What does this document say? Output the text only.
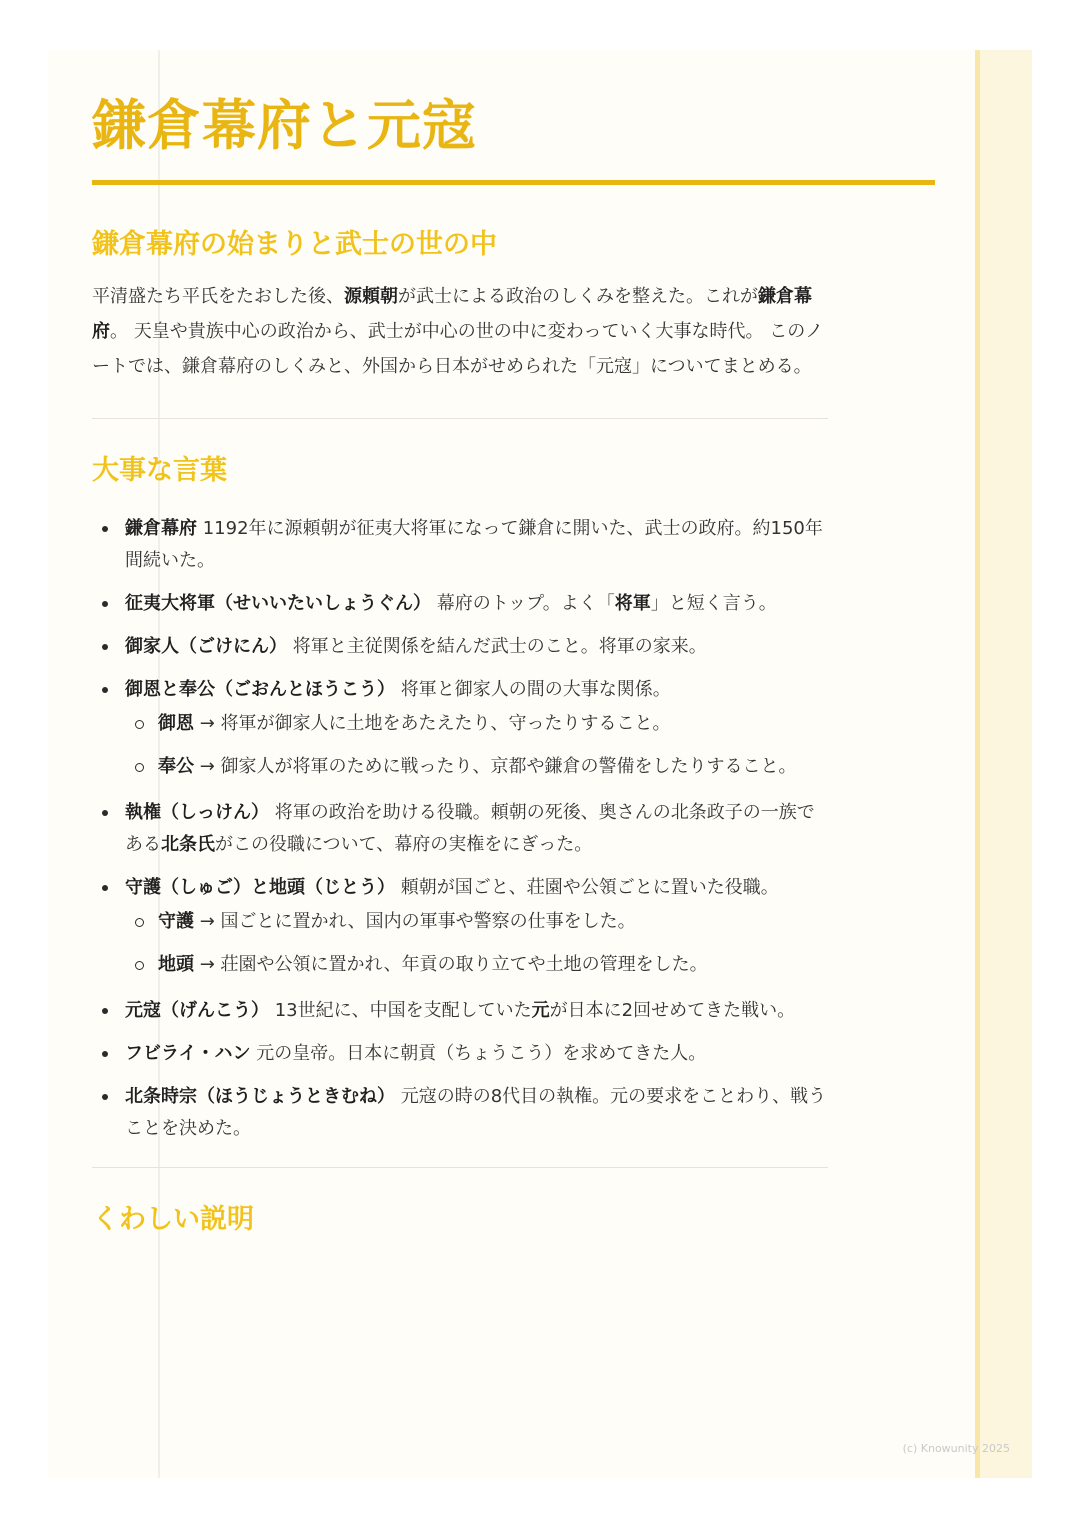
鎌倉幕府と元寇
鎌倉幕府の始まりと武士の世の中

平清盛たち平氏をたおした後、源頼朝が武士による政治のしくみを整えた。これが鎌倉幕府。 天皇や貴族中心の政治から、武士が中心の世の中に変わっていく大事な時代。 このノートでは、鎌倉幕府のしくみと、外国から日本がせめられた「元寇」についてまとめる。

大事な言葉
鎌倉幕府 1192年に源頼朝が征夷大将軍になって鎌倉に開いた、武士の政府。約150年間続いた。
征夷大将軍（せいいたいしょうぐん） 幕府のトップ。よく「将軍」と短く言う。
御家人（ごけにん） 将軍と主従関係を結んだ武士のこと。将軍の家来。
御恩と奉公（ごおんとほうこう） 将軍と御家人の間の大事な関係。
御恩 → 将軍が御家人に土地をあたえたり、守ったりすること。
奉公 → 御家人が将軍のために戦ったり、京都や鎌倉の警備をしたりすること。
執権（しっけん） 将軍の政治を助ける役職。頼朝の死後、奥さんの北条政子の一族である北条氏がこの役職について、幕府の実権をにぎった。
守護（しゅご）と地頭（じとう） 頼朝が国ごと、荘園や公領ごとに置いた役職。
守護 → 国ごとに置かれ、国内の軍事や警察の仕事をした。
地頭 → 荘園や公領に置かれ、年貢の取り立てや土地の管理をした。
元寇（げんこう） 13世紀に、中国を支配していた元が日本に2回せめてきた戦い。
フビライ・ハン 元の皇帝。日本に朝貢（ちょうこう）を求めてきた人。
北条時宗（ほうじょうときむね） 元寇の時の8代目の執権。元の要求をことわり、戦うことを決めた。
くわしい説明
(c) Knowunity 2025
